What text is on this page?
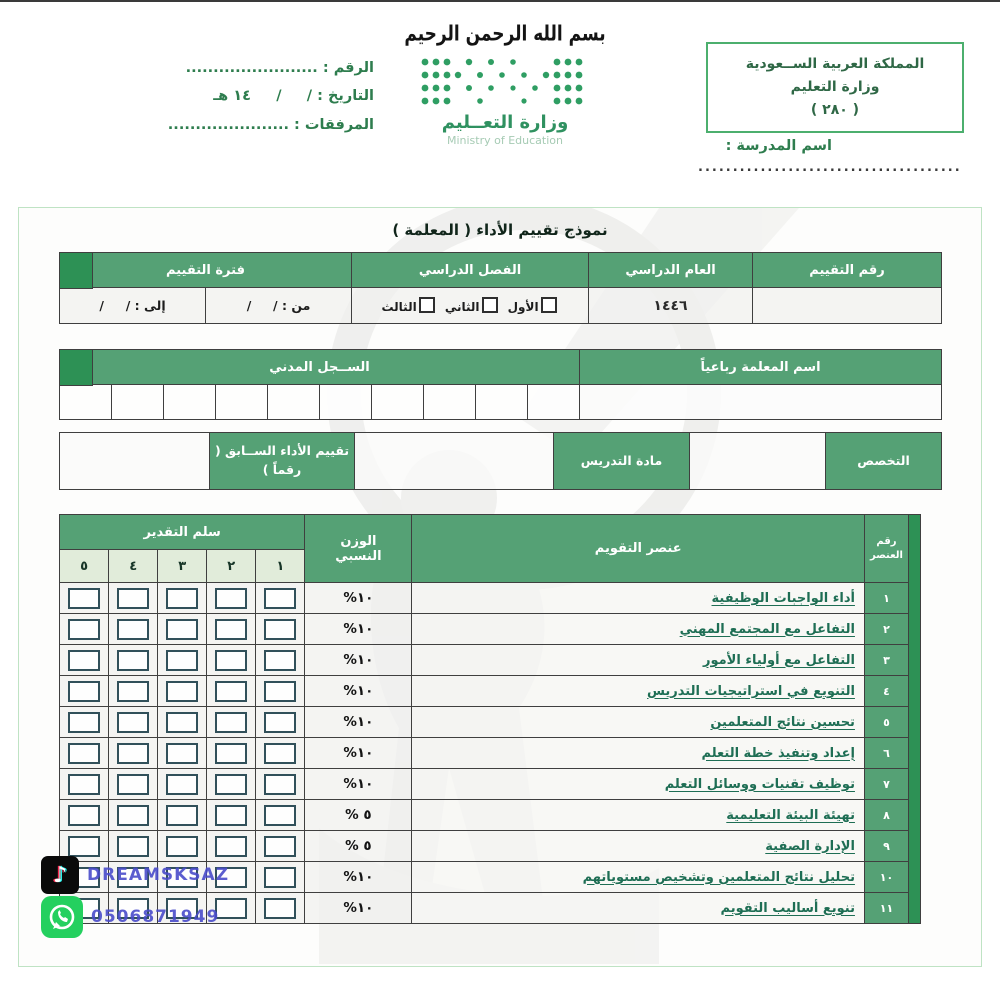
المملكة العربية الســعودية
وزارة التعليم
( ٢٨٠ )
اسم المدرسة :
......................................
الرقم : ........................
التاريخ : /     /     ١٤ هـ
المرفقات : ......................
بسم الله الرحمن الرحيم
وزارة التعــليم
Ministry of Education
نموذج تقييم الأداء ( المعلمة )
رقم التقييم	العام الدراسي	الفصل الدراسي	فترة التقييم	
	١٤٤٦	الأول الثاني الثالث	من : /     /	إلى : /     /
اسم المعلمة رباعياً	الســجل المدني

التخصص		مادة التدريس		تقييم الأداء الســابق ( رقماً )	
	رقم العنصر	عنصر التقويم	الوزن النسبي	سلم التقدير				
				١	٢	٣	٤	٥
	١	أداء الواجبات الوظيفية	١٠%					
	٢	التفاعل مع المجتمع المهني	١٠%					
	٣	التفاعل مع أولياء الأمور	١٠%					
	٤	التنويع في استراتيجيات التدريس	١٠%					
	٥	تحسين نتائج المتعلمين	١٠%					
	٦	إعداد وتنفيذ خطة التعلم	١٠%					
	٧	توظيف تقنيات ووسائل التعلم	١٠%					
	٨	تهيئة البيئة التعليمية	٥ %					
	٩	الإدارة الصفية	٥ %					
	١٠	تحليل نتائج المتعلمين وتشخيص مستوياتهم	١٠%					
	١١	تنويع أساليب التقويم	١٠%					
♪ DREAMSKSAZ
0506871949
